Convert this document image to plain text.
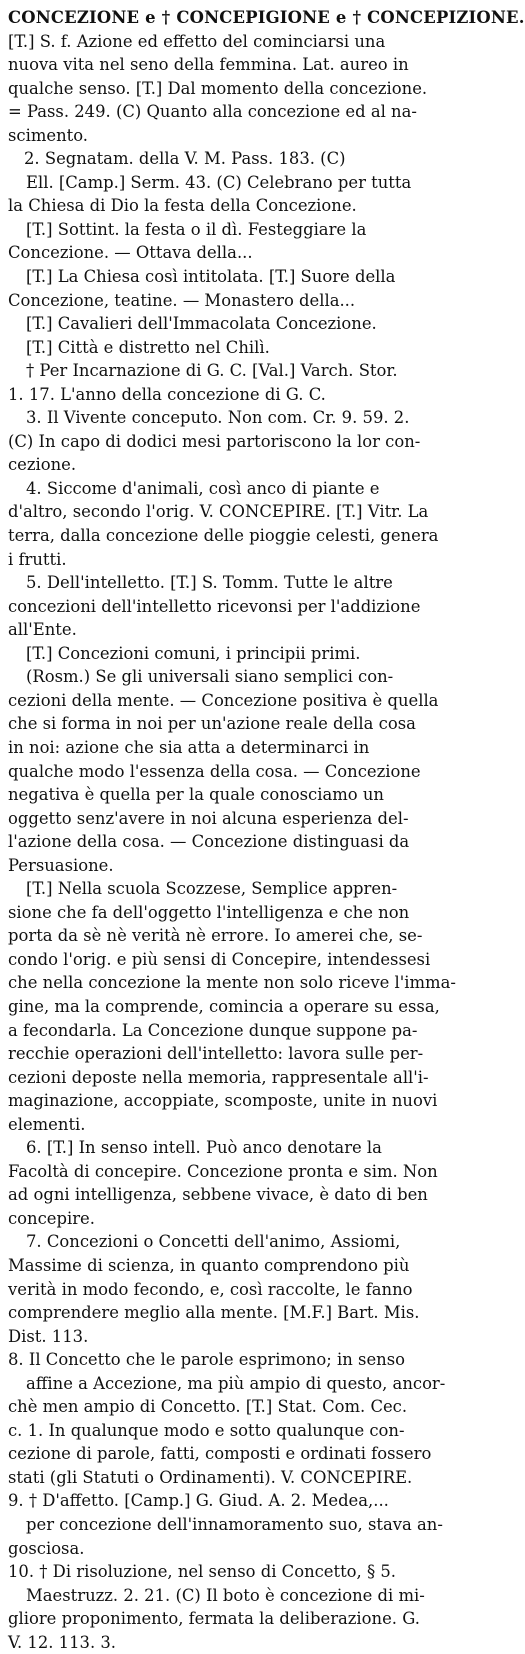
CONCEZIONE e † CONCEPIGIONE e † CONCEPIZIONE.
[T.] S. f. Azione ed effetto del cominciarsi una
nuova vita nel seno della femmina. Lat. aureo in
qualche senso. [T.] Dal momento della concezione.
= Pass. 249. (C) Quanto alla concezione ed al na-
scimento.
2. Segnatam. della V. M. Pass. 183. (C)
Ell. [Camp.] Serm. 43. (C) Celebrano per tutta
la Chiesa di Dio la festa della Concezione.
[T.] Sottint. la festa o il dì. Festeggiare la
Concezione. — Ottava della...
[T.] La Chiesa così intitolata. [T.] Suore della
Concezione, teatine. — Monastero della...
[T.] Cavalieri dell'Immacolata Concezione.
[T.] Città e distretto nel Chilì.
† Per Incarnazione di G. C. [Val.] Varch. Stor.
1. 17. L'anno della concezione di G. C.
3. Il Vivente conceputo. Non com. Cr. 9. 59. 2.
(C) In capo di dodici mesi partoriscono la lor con-
cezione.
4. Siccome d'animali, così anco di piante e
d'altro, secondo l'orig. V. CONCEPIRE. [T.] Vitr. La
terra, dalla concezione delle pioggie celesti, genera
i frutti.
5. Dell'intelletto. [T.] S. Tomm. Tutte le altre
concezioni dell'intelletto ricevonsi per l'addizione
all'Ente.
[T.] Concezioni comuni, i principii primi.
(Rosm.) Se gli universali siano semplici con-
cezioni della mente. — Concezione positiva è quella
che si forma in noi per un'azione reale della cosa
in noi: azione che sia atta a determinarci in
qualche modo l'essenza della cosa. — Concezione
negativa è quella per la quale conosciamo un
oggetto senz'avere in noi alcuna esperienza del-
l'azione della cosa. — Concezione distinguasi da
Persuasione.
[T.] Nella scuola Scozzese, Semplice appren-
sione che fa dell'oggetto l'intelligenza e che non
porta da sè nè verità nè errore. Io amerei che, se-
condo l'orig. e più sensi di Concepire, intendessesi
che nella concezione la mente non solo riceve l'imma-
gine, ma la comprende, comincia a operare su essa,
a fecondarla. La Concezione dunque suppone pa-
recchie operazioni dell'intelletto: lavora sulle per-
cezioni deposte nella memoria, rappresentale all'i-
maginazione, accoppiate, scomposte, unite in nuovi
elementi.
6. [T.] In senso intell. Può anco denotare la
Facoltà di concepire. Concezione pronta e sim. Non
ad ogni intelligenza, sebbene vivace, è dato di ben
concepire.
7. Concezioni o Concetti dell'animo, Assiomi,
Massime di scienza, in quanto comprendono più
verità in modo fecondo, e, così raccolte, le fanno
comprendere meglio alla mente. [M.F.] Bart. Mis.
Dist. 113.
8. Il Concetto che le parole esprimono; in senso
affine a Accezione, ma più ampio di questo, ancor-
chè men ampio di Concetto. [T.] Stat. Com. Cec.
c. 1. In qualunque modo e sotto qualunque con-
cezione di parole, fatti, composti e ordinati fossero
stati (gli Statuti o Ordinamenti). V. CONCEPIRE.
9. † D'affetto. [Camp.] G. Giud. A. 2. Medea,...
per concezione dell'innamoramento suo, stava an-
gosciosa.
10. † Di risoluzione, nel senso di Concetto, § 5.
Maestruzz. 2. 21. (C) Il boto è concezione di mi-
gliore proponimento, fermata la deliberazione. G.
V. 12. 113. 3.
